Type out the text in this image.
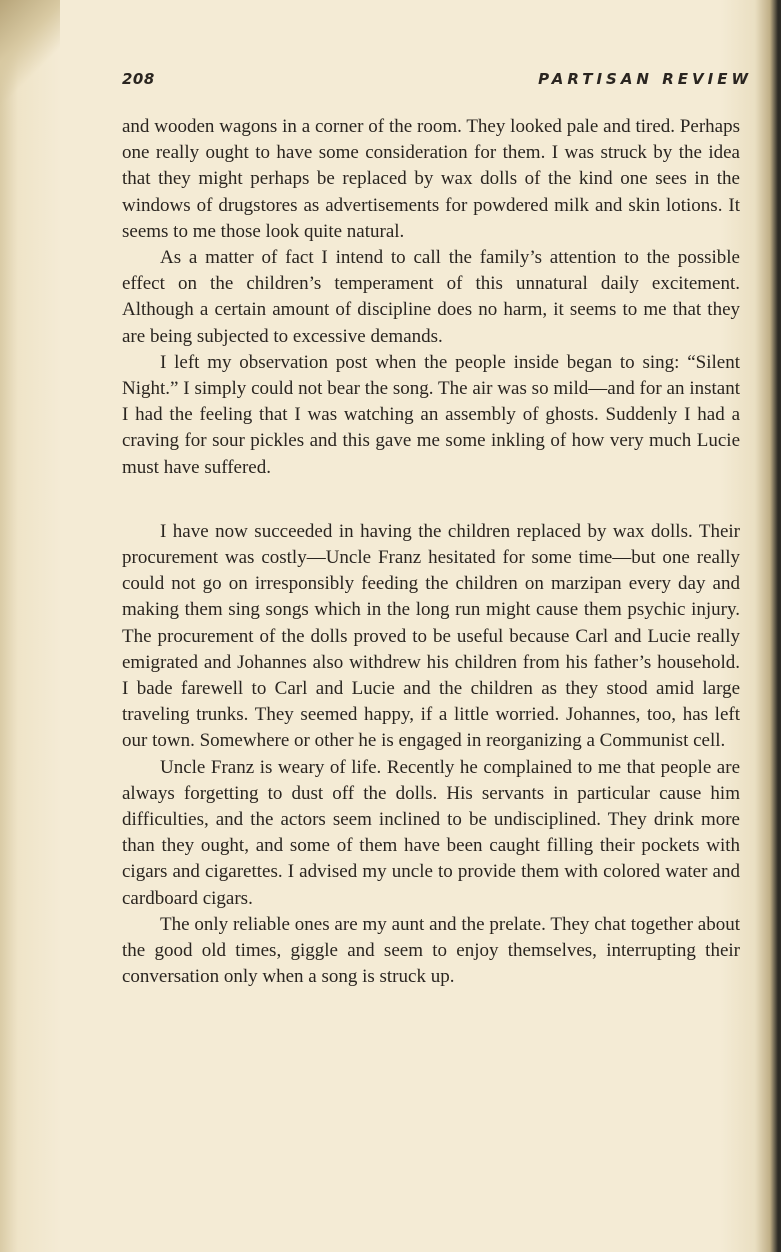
208	PARTISAN REVIEW

and wooden wagons in a corner of the room. They looked pale and tired. Perhaps one really ought to have some consideration for them. I was struck by the idea that they might perhaps be replaced by wax dolls of the kind one sees in the windows of drugstores as advertisements for powdered milk and skin lotions. It seems to me those look quite natural.

As a matter of fact I intend to call the family’s attention to the possible effect on the children’s temperament of this unnatural daily excitement. Although a certain amount of discipline does no harm, it seems to me that they are being subjected to excessive demands.

I left my observation post when the people inside began to sing: “Silent Night.” I simply could not bear the song. The air was so mild—and for an instant I had the feeling that I was watching an assembly of ghosts. Suddenly I had a craving for sour pickles and this gave me some inkling of how very much Lucie must have suffered.

I have now succeeded in having the children replaced by wax dolls. Their procurement was costly—Uncle Franz hesitated for some time—but one really could not go on irresponsibly feeding the children on marzipan every day and making them sing songs which in the long run might cause them psychic injury. The procurement of the dolls proved to be useful because Carl and Lucie really emigrated and Johannes also withdrew his children from his father’s household. I bade farewell to Carl and Lucie and the children as they stood amid large traveling trunks. They seemed happy, if a little worried. Johannes, too, has left our town. Somewhere or other he is engaged in reorganizing a Communist cell.

Uncle Franz is weary of life. Recently he complained to me that people are always forgetting to dust off the dolls. His servants in particular cause him difficulties, and the actors seem inclined to be undisciplined. They drink more than they ought, and some of them have been caught filling their pockets with cigars and cigarettes. I advised my uncle to provide them with colored water and cardboard cigars.

The only reliable ones are my aunt and the prelate. They chat together about the good old times, giggle and seem to enjoy themselves, interrupting their conversation only when a song is struck up.
